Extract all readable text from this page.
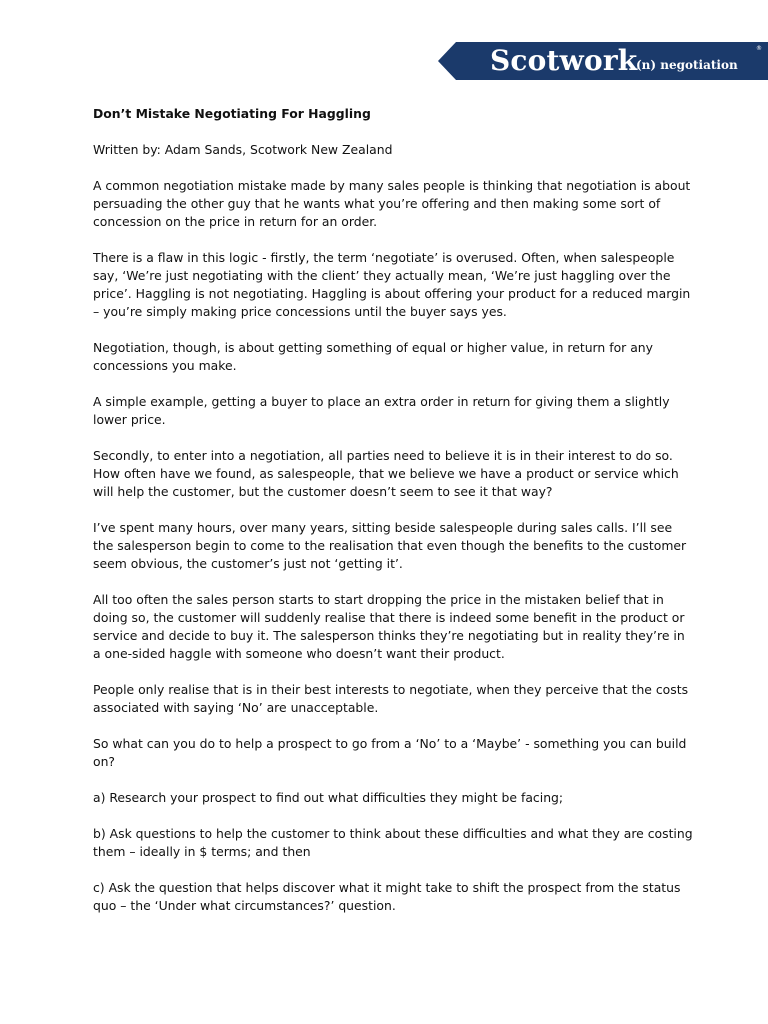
Scotwork
(n) negotiation
®

Don’t Mistake Negotiating For Haggling

Written by: Adam Sands, Scotwork New Zealand

A common negotiation mistake made by many sales people is thinking that negotiation is about persuading the other guy that he wants what you’re offering and then making some sort of concession on the price in return for an order.

There is a flaw in this logic - firstly, the term ‘negotiate’ is overused. Often, when salespeople say, ‘We’re just negotiating with the client’ they actually mean, ‘We’re just haggling over the price’. Haggling is not negotiating. Haggling is about offering your product for a reduced margin – you’re simply making price concessions until the buyer says yes.

Negotiation, though, is about getting something of equal or higher value, in return for any concessions you make.

A simple example, getting a buyer to place an extra order in return for giving them a slightly lower price.

Secondly, to enter into a negotiation, all parties need to believe it is in their interest to do so. How often have we found, as salespeople, that we believe we have a product or service which will help the customer, but the customer doesn’t seem to see it that way?

I’ve spent many hours, over many years, sitting beside salespeople during sales calls. I’ll see the salesperson begin to come to the realisation that even though the benefits to the customer seem obvious, the customer’s just not ‘getting it’.

All too often the sales person starts to start dropping the price in the mistaken belief that in doing so, the customer will suddenly realise that there is indeed some benefit in the product or service and decide to buy it. The salesperson thinks they’re negotiating but in reality they’re in a one-sided haggle with someone who doesn’t want their product.

People only realise that is in their best interests to negotiate, when they perceive that the costs associated with saying ‘No’ are unacceptable.

So what can you do to help a prospect to go from a ‘No’ to a ‘Maybe’ - something you can build on?

a) Research your prospect to find out what difficulties they might be facing;

b) Ask questions to help the customer to think about these difficulties and what they are costing them – ideally in $ terms; and then

c) Ask the question that helps discover what it might take to shift the prospect from the status quo – the ‘Under what circumstances?’ question.
